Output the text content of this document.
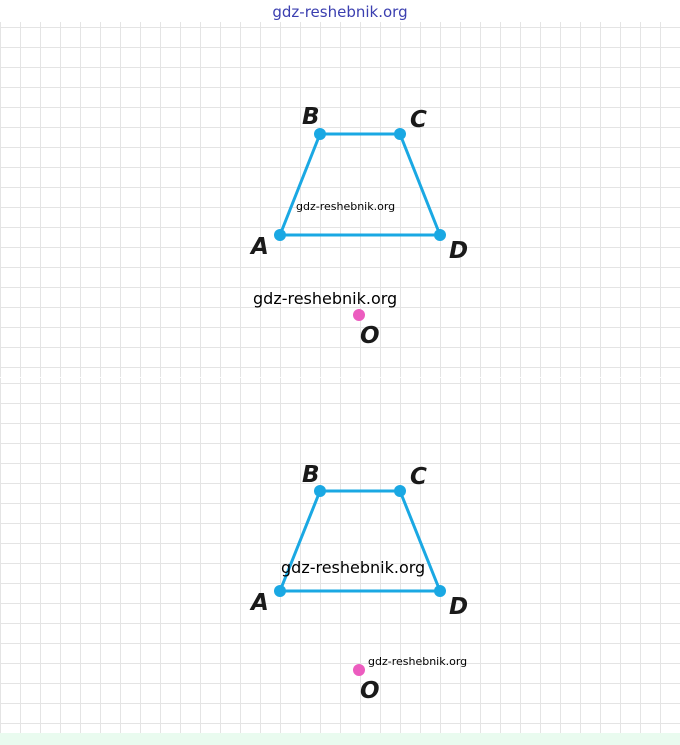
gdz-reshebnik.org
A
B	C
D
O
gdz-reshebnik.org
gdz-reshebnik.org
A
B	C
D
O
gdz-reshebnik.org
gdz-reshebnik.org
